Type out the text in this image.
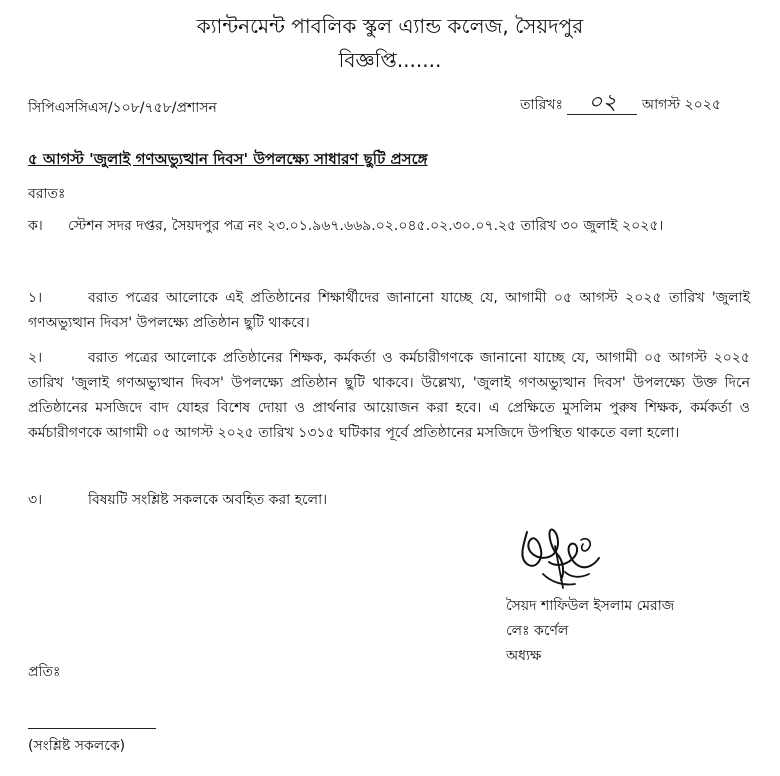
ক্যান্টনমেন্ট পাবলিক স্কুল এ্যান্ড কলেজ, সৈয়দপুর
বিজ্ঞপ্তি.......
সিপিএসসিএস/১০৮/৭৫৮/প্রশাসন	তারিখঃ ০২ আগস্ট ২০২৫
৫ আগস্ট 'জুলাই গণঅভ্যুত্থান দিবস' উপলক্ষ্যে সাধারণ ছুটি প্রসঙ্গে
বরাতঃ
ক। স্টেশন সদর দপ্তর, সৈয়দপুর পত্র নং ২৩.০১.৯৬৭.৬৬৯.০২.০৪৫.০২.৩০.০৭.২৫ তারিখ ৩০ জুলাই ২০২৫।
১।	বরাত পত্রের আলোকে এই প্রতিষ্ঠানের শিক্ষার্থীদের জানানো যাচ্ছে যে, আগামী ০৫ আগস্ট ২০২৫ তারিখ 'জুলাই গণঅভ্যুত্থান দিবস' উপলক্ষ্যে প্রতিষ্ঠান ছুটি থাকবে।
২।	বরাত পত্রের আলোকে প্রতিষ্ঠানের শিক্ষক, কর্মকর্তা ও কর্মচারীগণকে জানানো যাচ্ছে যে, আগামী ০৫ আগস্ট ২০২৫ তারিখ 'জুলাই গণঅভ্যুত্থান দিবস' উপলক্ষ্যে প্রতিষ্ঠান ছুটি থাকবে। উল্লেখ্য, 'জুলাই গণঅভ্যুত্থান দিবস' উপলক্ষ্যে উক্ত দিনে প্রতিষ্ঠানের মসজিদে বাদ যোহর বিশেষ দোয়া ও প্রার্থনার আয়োজন করা হবে। এ প্রেক্ষিতে মুসলিম পুরুষ শিক্ষক, কর্মকর্তা ও কর্মচারীগণকে আগামী ০৫ আগস্ট ২০২৫ তারিখ ১৩১৫ ঘটিকার পূর্বে প্রতিষ্ঠানের মসজিদে উপস্থিত থাকতে বলা হলো।
৩।	বিষয়টি সংশ্লিষ্ট সকলকে অবহিত করা হলো।
সৈয়দ শাফিউল ইসলাম মেরাজ
লেঃ কর্ণেল
অধ্যক্ষ
প্রতিঃ
(সংশ্লিষ্ট সকলকে)
